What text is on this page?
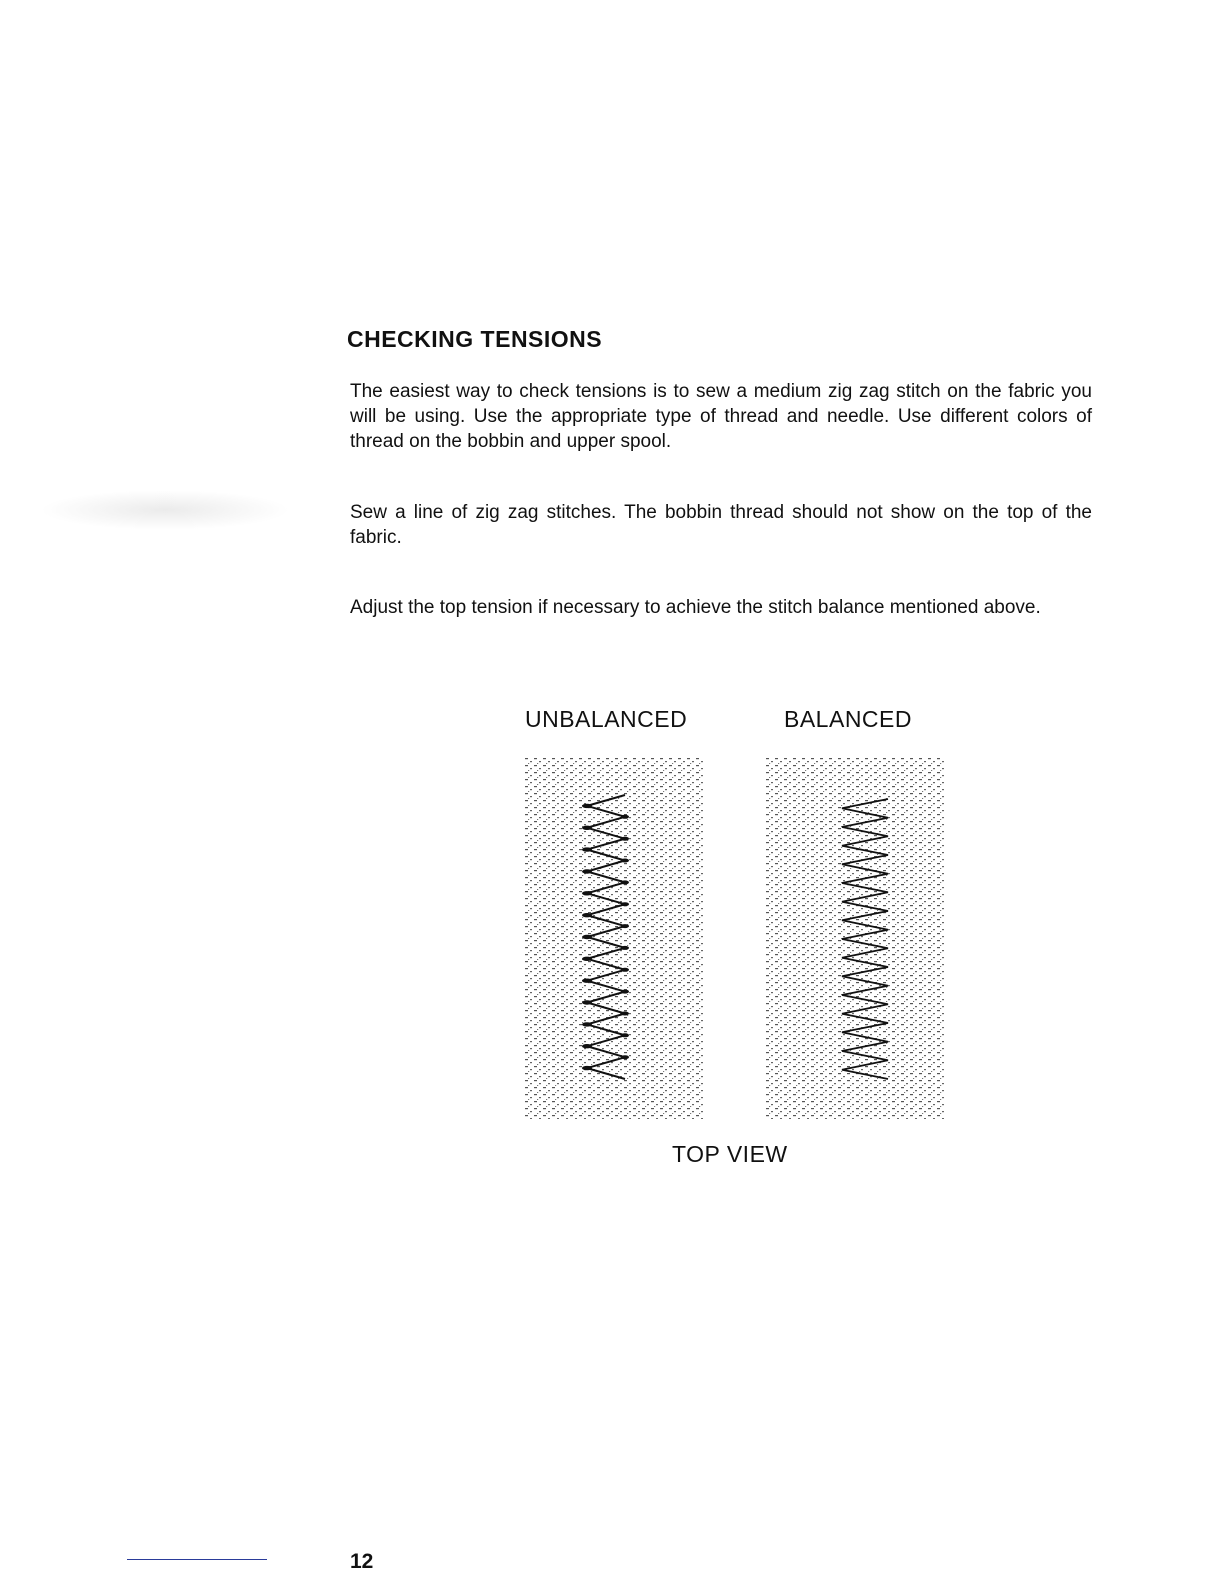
CHECKING TENSIONS

The easiest way to check tensions is to sew a medium zig zag stitch on the fabric you will be using. Use the appropriate type of thread and needle. Use different colors of thread on the bobbin and upper spool.

Sew a line of zig zag stitches. The bobbin thread should not show on the top of the fabric.

Adjust the top tension if necessary to achieve the stitch balance mentioned above.

UNBALANCED	BALANCED
TOP VIEW
12
